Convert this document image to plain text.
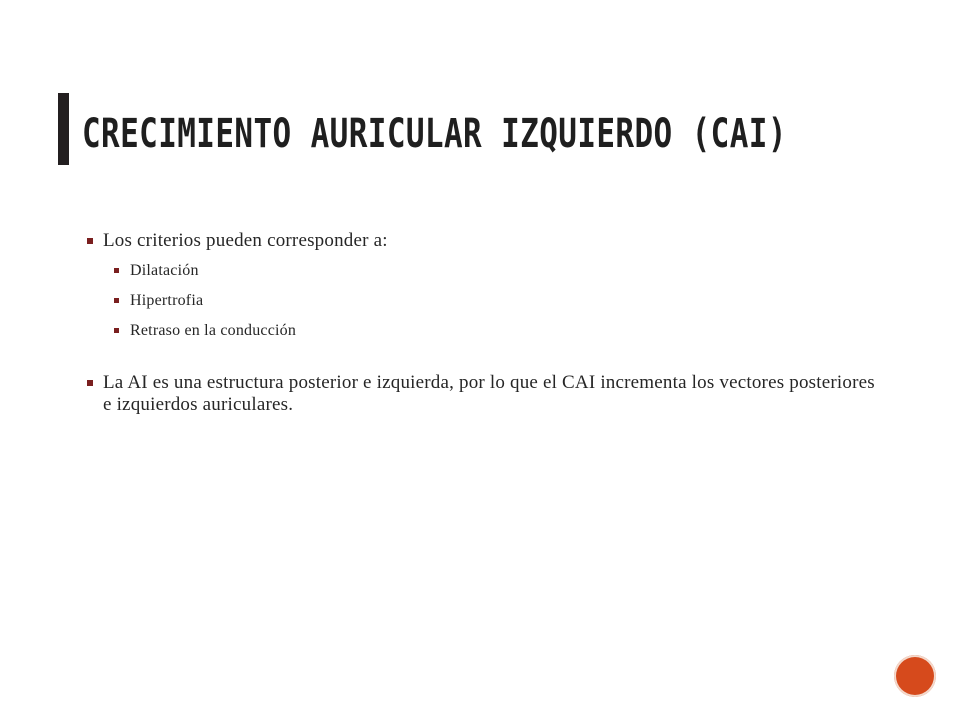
CRECIMIENTO AURICULAR IZQUIERDO (CAI)
Los criterios pueden corresponder a:
Dilatación
Hipertrofia
Retraso en la conducción
La AI es una estructura posterior e izquierda, por lo que el CAI incrementa los vectores posteriores e izquierdos auriculares.
